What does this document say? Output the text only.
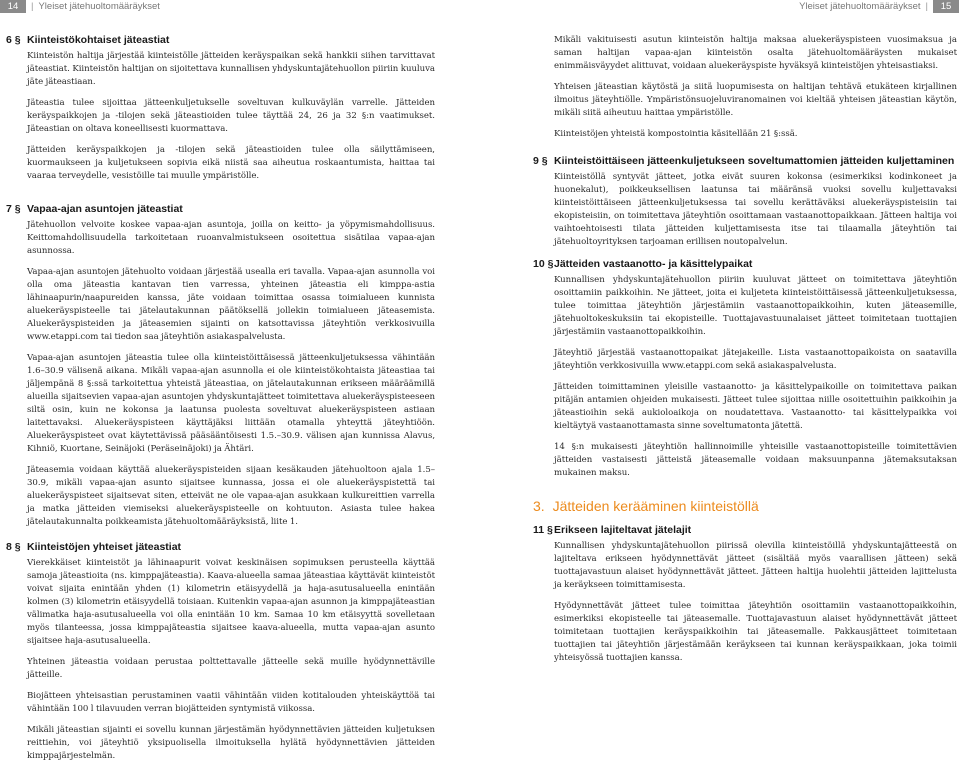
14	| Yleiset jätehuoltomääräykset	Yleiset jätehuoltomääräykset |	15
6 § Kiinteistökohtaiset jäteastiat

Kiinteistön haltija järjestää kiinteistölle jätteiden keräyspaikan sekä hankkii siihen tarvittavat jäteastiat. Kiinteistön haltijan on sijoitettava kunnallisen yhdyskuntajätehuollon piiriin kuuluva jäte jäteastiaan.

Jäteastia tulee sijoittaa jätteenkuljetukselle soveltuvan kulkuväylän varrelle. Jätteiden keräyspaikkojen ja -tilojen sekä jäteastioiden tulee täyttää 24, 26 ja 32 §:n vaatimukset. Jäteastian on oltava koneellisesti kuormattava.

Jätteiden keräyspaikkojen ja -tilojen sekä jäteastioiden tulee olla säilyttämiseen, kuormaukseen ja kuljetukseen sopivia eikä niistä saa aiheutua roskaantumista, haittaa tai vaaraa terveydelle, vesistöille tai muulle ympäristölle.

7 § Vapaa-ajan asuntojen jäteastiat

Jätehuollon velvoite koskee vapaa-ajan asuntoja, joilla on keitto- ja yöpymismahdollisuus. Keittomahdollisuudella tarkoitetaan ruoanvalmistukseen osoitettua sisätilaa vapaa-ajan asunnossa.

Vapaa-ajan asuntojen jätehuolto voidaan järjestää usealla eri tavalla. Vapaa-ajan asunnolla voi olla oma jäteastia kantavan tien varressa, yhteinen jäteastia eli kimppa-astia lähinaapurin/naapureiden kanssa, jäte voidaan toimittaa osassa toimialueen kunnista aluekeräyspisteelle tai jätelautakunnan päätöksellä jollekin toimialueen jäteasemista. Aluekeräyspisteiden ja jäteasemien sijainti on katsottavissa jäteyhtiön verkkosivuilla www.etappi.com tai tiedon saa jäteyhtiön asiakaspalvelusta.

Vapaa-ajan asuntojen jäteastia tulee olla kiinteistöittäisessä jätteenkuljetuksessa vähintään 1.6–30.9 välisenä aikana. Mikäli vapaa-ajan asunnolla ei ole kiinteistökohtaista jäteastiaa tai jäljempänä 8 §:ssä tarkoitettua yhteistä jäteastiaa, on jätelautakunnan erikseen määräämillä alueilla sijaitsevien vapaa-ajan asuntojen yhdyskuntajätteet toimitettava aluekeräyspisteeseen siltä osin, kuin ne kokonsa ja laatunsa puolesta soveltuvat aluekeräyspisteen astiaan laitettavaksi. Aluekeräyspisteen käyttäjäksi liittään otamalla yhteyttä jäteyhtiöön. Aluekeräyspisteet ovat käytettävissä pääsääntöisesti 1.5.–30.9. välisen ajan kunnissa Alavus, Kihniö, Kuortane, Seinäjoki (Peräseinäjoki) ja Ähtäri.

Jäteasemia voidaan käyttää aluekeräyspisteiden sijaan kesäkauden jätehuoltoon ajala 1.5–30.9, mikäli vapaa-ajan asunto sijaitsee kunnassa, jossa ei ole aluekeräyspistettä tai aluekeräyspisteet sijaitsevat siten, etteivät ne ole vapaa-ajan asukkaan kulkureittien varrella ja matka jätteiden viemiseksi aluekeräyspisteelle on kohtuuton. Asiasta tulee hakea jätelautakunnalta poikkeamista jätehuoltomääräyksistä, liite 1.

8 § Kiinteistöjen yhteiset jäteastiat

Vierekkäiset kiinteistöt ja lähinaapurit voivat keskinäisen sopimuksen perusteella käyttää samoja jäteastioita (ns. kimppajäteastia). Kaava-alueella samaa jäteastiaa käyttävät kiinteistöt voivat sijaita enintään yhden (1) kilometrin etäisyydellä ja haja-asutusalueella enintään kolmen (3) kilometrin etäisyydellä toisiaan. Kuitenkin vapaa-ajan asunnon ja kimppajäteastian välimatka haja-asutusalueella voi olla enintään 10 km. Samaa 10 km etäisyyttä sovelletaan myös tilanteessa, jossa kimppajäteastia sijaitsee kaava-alueella, mutta vapaa-ajan asunto sijaitsee haja-asutusalueella.

Yhteinen jäteastia voidaan perustaa polttettavalle jätteelle sekä muille hyödynnettäville jätteille.

Biojätteen yhteisastian perustaminen vaatii vähintään viiden kotitalouden yhteiskäyttöä tai vähintään 100 l tilavuuden verran biojätteiden syntymistä viikossa.

Mikäli jäteastian sijainti ei sovellu kunnan järjestämän hyödynnettävien jätteiden kuljetuksen reittiehin, voi jäteyhtiö yksipuolisella ilmoituksella hylätä hyödynnettävien jätteiden kimppajärjestelmän.

Mikäli vakituisesti asutun kiinteistön haltija maksaa aluekeräyspisteen vuosimaksua ja saman haltijan vapaa-ajan kiinteistön osalta jätehuoltomääräysten mukaiset enimmäisväyydet alittuvat, voidaan aluekeräyspiste hyväksyä kiinteistöjen yhteisastiaksi.

Yhteisen jäteastian käytöstä ja siitä luopumisesta on haltijan tehtävä etukäteen kirjallinen ilmoitus jäteyhtiölle. Ympäristönsuojeluviranomainen voi kieltää yhteisen jäteastian käytön, mikäli siitä aiheutuu haittaa ympäristölle.

Kiinteistöjen yhteistä kompostointia käsitellään 21 §:ssä.

9 § Kiinteistöittäiseen jätteenkuljetukseen soveltumattomien jätteiden kuljettaminen

Kiinteistöllä syntyvät jätteet, jotka eivät suuren kokonsa (esimerkiksi kodinkoneet ja huonekalut), poikkeuksellisen laatunsa tai määränsä vuoksi sovellu kuljettavaksi kiinteistöittäiseen jätteenkuljetuksessa tai sovellu kerättäväksi aluekeräyspisteisiin tai ekopisteisiin, on toimitettava jäteyhtiön osoittamaan vastaanottopaikkaan. Jätteen haltija voi vaihtoehtoisesti tilata jätteiden kuljettamisesta itse tai tilaamalla jäteyhtiön tai jätehuoltoyrityksen tarjoaman erillisen noutopalvelun.

10 § Jätteiden vastaanotto- ja käsittelypaikat

Kunnallisen yhdyskuntajätehuollon piiriin kuuluvat jätteet on toimitettava jäteyhtiön osoittamiin paikkoihin. Ne jätteet, joita ei kuljeteta kiinteistöittäisessä jätteenkuljetuksessa, tulee toimittaa jäteyhtiön järjestämiin vastaanottopaikkoihin, kuten jäteasemille, jätehuoltokeskuksiin tai ekopisteille. Tuottajavastuunalaiset jätteet toimitetaan tuottajien järjestämiin vastaanottopaikkoihin.

Jäteyhtiö järjestää vastaanottopaikat jätejakeille. Lista vastaanottopaikoista on saatavilla jäteyhtiön verkkosivuilla www.etappi.com sekä asiakaspalvelusta.

Jätteiden toimittaminen yleisille vastaanotto- ja käsittelypaikoille on toimitettava paikan pitäjän antamien ohjeiden mukaisesti. Jätteet tulee sijoittaa niille osoitettuihin paikkoihin ja jäteastioihin sekä aukioloaikoja on noudatettava. Vastaanotto- tai käsittelypaikka voi kieltäytyä vastaanottamasta sinne soveltumatonta jätettä.

14 §:n mukaisesti jäteyhtiön hallinnoimille yhteisille vastaanottopisteille toimitettävien jätteiden vastaisesti jätteistä jäteasemalle voidaan maksuunpanna jätemaksutaksan mukainen maksu.

3. Jätteiden kerääminen kiinteistöllä
11 § Erikseen lajiteltavat jätelajit

Kunnallisen yhdyskuntajätehuollon piirissä olevilla kiinteistöillä yhdyskuntajätteestä on lajiteltava erikseen hyödynnettävät jätteet (sisältää myös vaarallisen jätteen) sekä tuottajavastuun alaiset hyödynnettävät jätteet. Jätteen haltija huolehtii jätteiden lajittelusta ja keräykseen toimittamisesta.

Hyödynnettävät jätteet tulee toimittaa jäteyhtiön osoittamiin vastaanottopaikkoihin, esimerkiksi ekopisteelle tai jäteasemalle. Tuottajavastuun alaiset hyödynnettävät jätteet toimitetaan tuottajien keräyspaikkoihin tai jäteasemalle. Pakkausjätteet toimitetaan tuottajien tai jäteyhtiön järjestämään keräykseen tai kunnan keräyspaikkaan, joka toimii yhteisyössä tuottajien kanssa.
